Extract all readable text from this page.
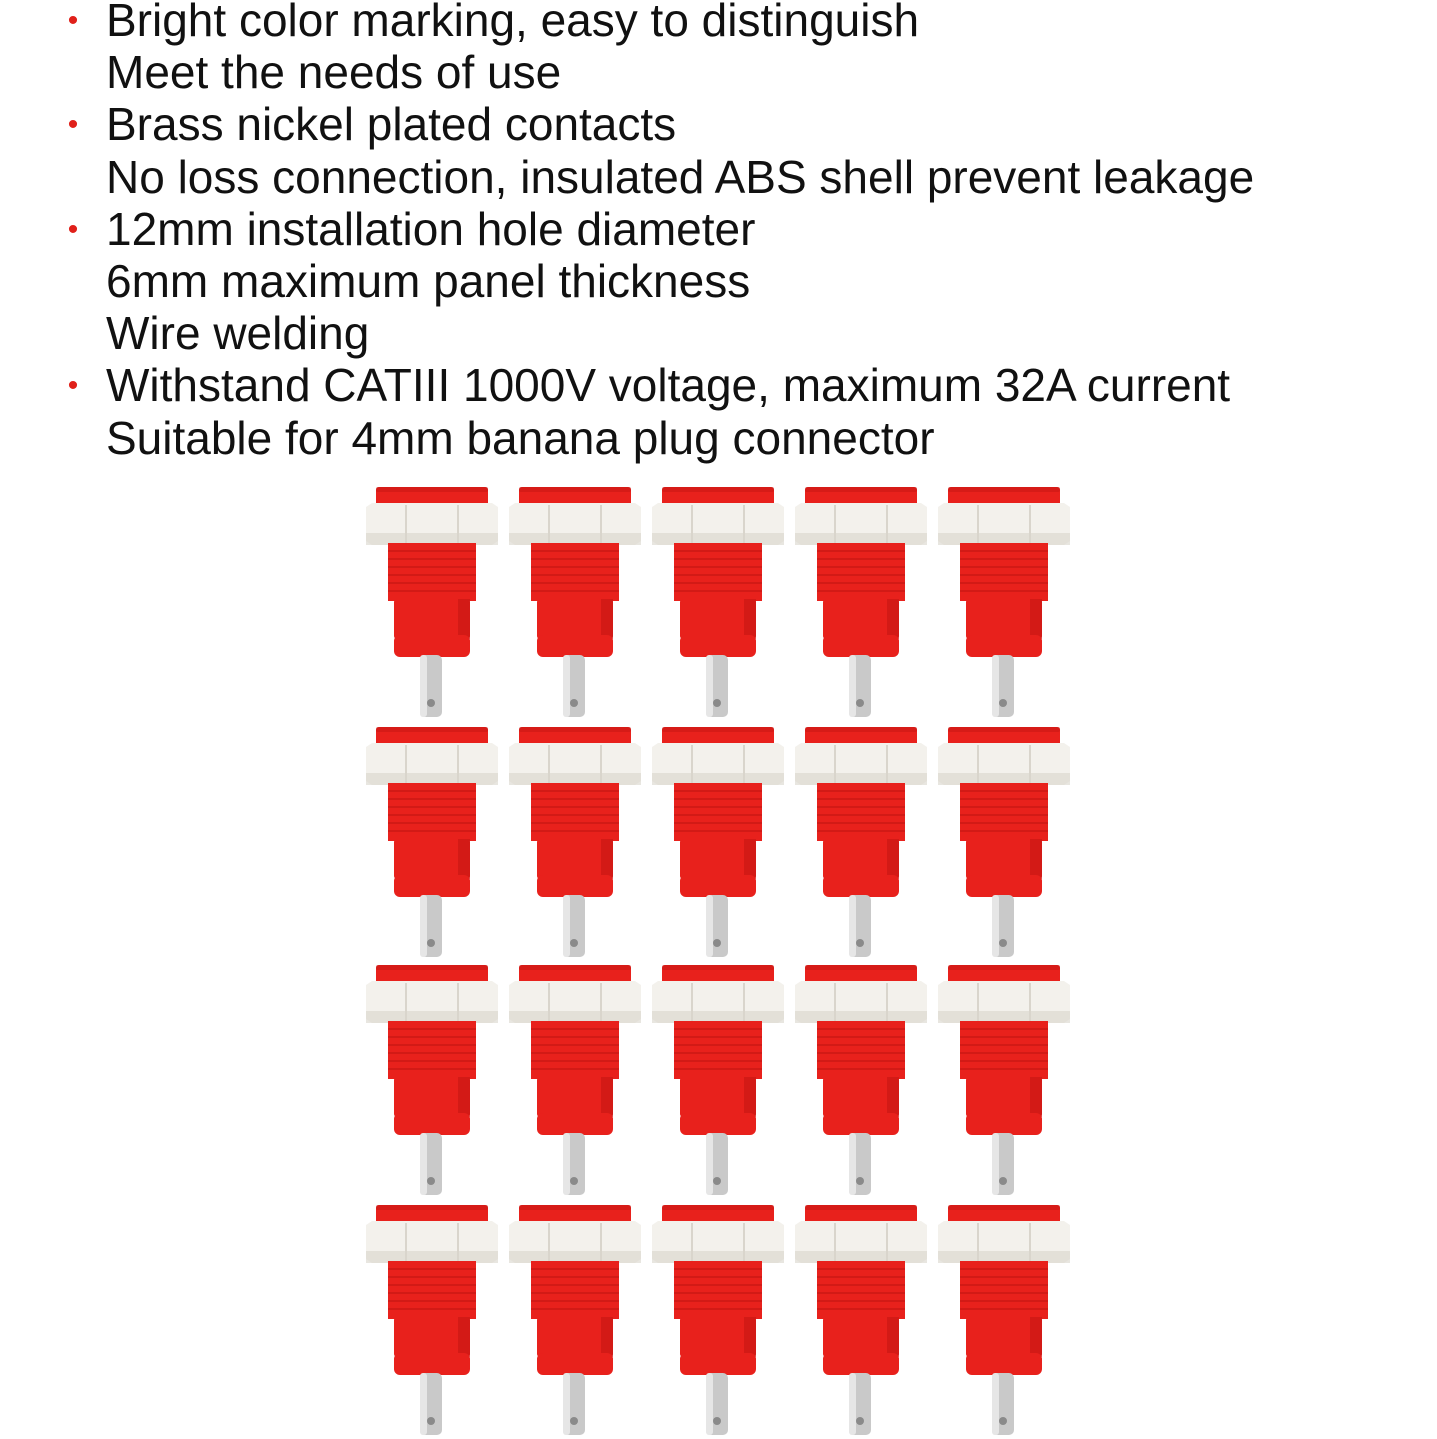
• Bright color marking, easy to distinguish
Meet the needs of use
• Brass nickel plated contacts
No loss connection, insulated ABS shell prevent leakage
• 12mm installation hole diameter
6mm maximum panel thickness
Wire welding
• Withstand CATIII 1000V voltage, maximum 32A current
Suitable for 4mm banana plug connector
